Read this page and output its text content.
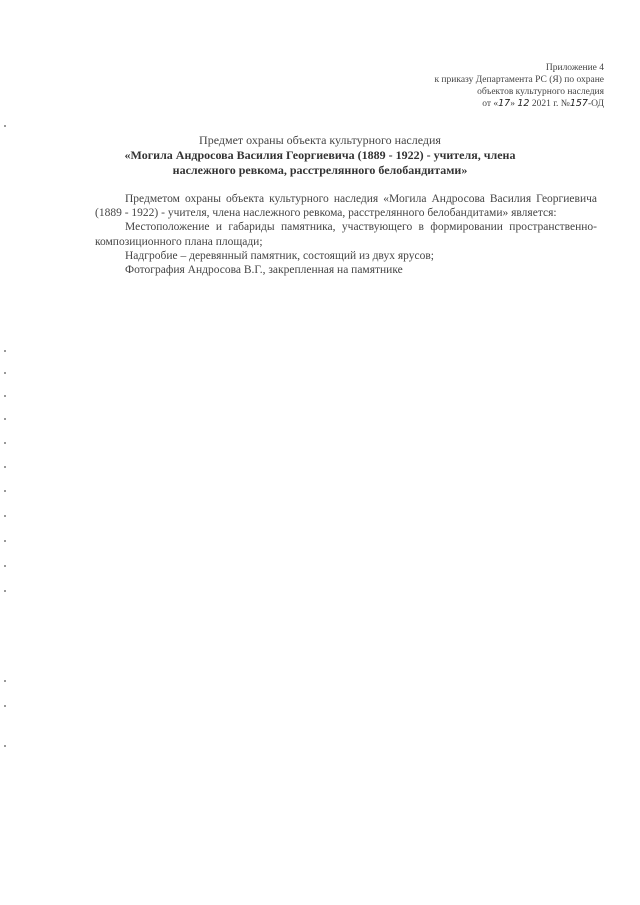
Приложение 4
к приказу Департамента РС (Я) по охране
объектов культурного наследия
от «17» 12 2021 г. №157-ОД
Предмет охраны объекта культурного наследия
«Могила Андросова Василия Георгиевича (1889 - 1922) - учителя, члена
наслежного ревкома, расстрелянного белобандитами»

Предметом охраны объекта культурного наследия «Могила Андросова Василия Георгиевича (1889 - 1922) - учителя, члена наслежного ревкома, расстрелянного белобандитами» является:

Местоположение и габариды памятника, участвующего в формировании пространственно-композиционного плана площади;

Надгробие – деревянный памятник, состоящий из двух ярусов;

Фотография Андросова В.Г., закрепленная на памятнике
